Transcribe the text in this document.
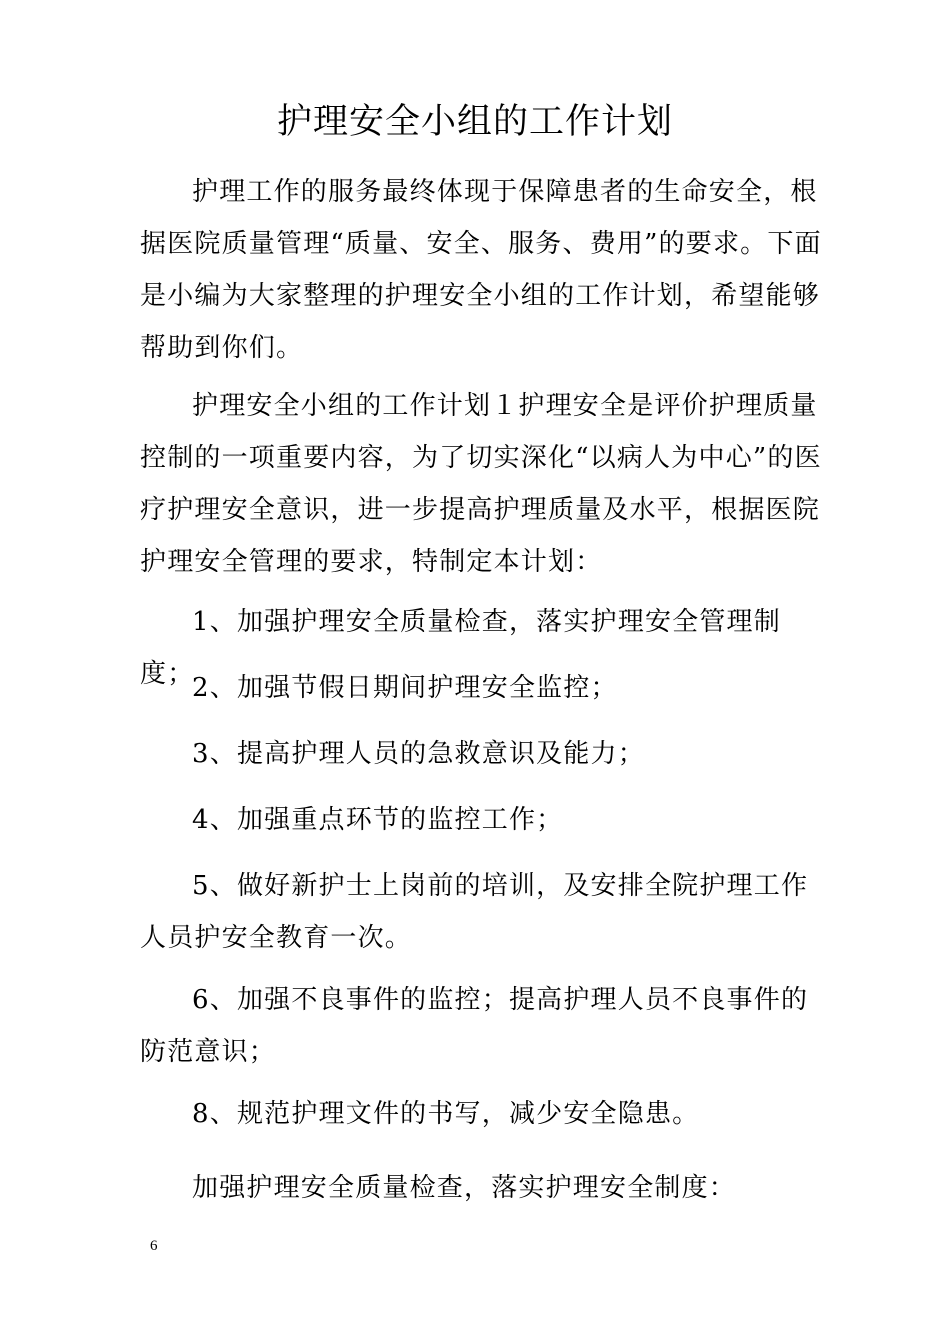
护理安全小组的工作计划

护理工作的服务最终体现于保障患者的生命安全，根据医院质量管理“质量、安全、服务、费用”的要求。下面是小编为大家整理的护理安全小组的工作计划，希望能够帮助到你们。

护理安全小组的工作计划１护理安全是评价护理质量控制的一项重要内容，为了切实深化“以病人为中心”的医疗护理安全意识，进一步提高护理质量及水平，根据医院护理安全管理的要求，特制定本计划：

1、加强护理安全质量检查，落实护理安全管理制度；

2、加强节假日期间护理安全监控；

3、提高护理人员的急救意识及能力；

4、加强重点环节的监控工作；

5、做好新护士上岗前的培训，及安排全院护理工作人员护安全教育一次。

6、加强不良事件的监控；提高护理人员不良事件的防范意识；

8、规范护理文件的书写，减少安全隐患。

加强护理安全质量检查，落实护理安全制度：

6
